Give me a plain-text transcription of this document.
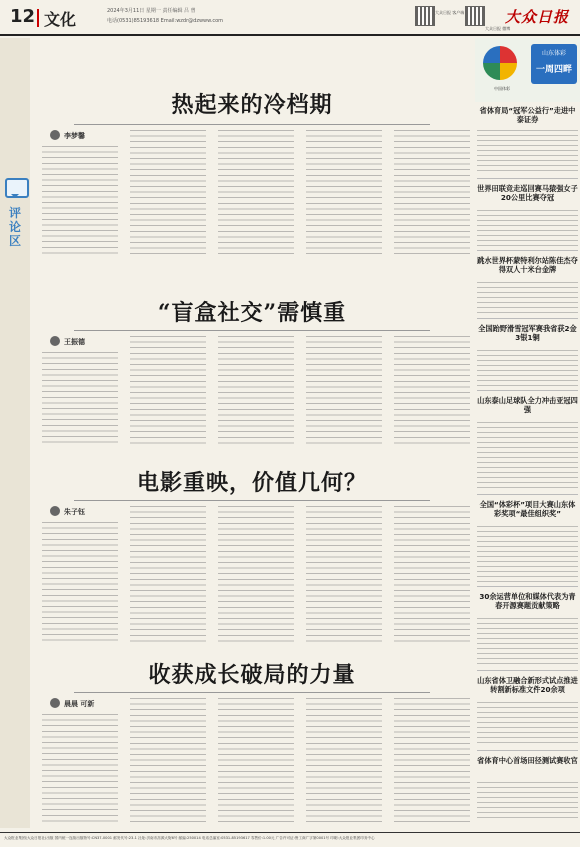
12 文化	2024年3月11日 星期一 责任编辑 吕 曾
电话(0531)85193618 Email:wzdr@dzwww.com
大众日报 客户端
大众日报 微博
大众日报
评论区
热起来的冷档期
李梦馨
“盲盒社交”需慎重
王振德
电影重映，价值几何？
朱子钰
收获成长破局的力量
晨晨 可新
中国体彩
山东体彩
一周四畔
省体育局“冠军公益行”走进中泰证券
世界田联竞走巡回赛马猿强女子20公里比赛夺冠
跳水世界杯蒙特利尔站陈佳杰夺得双人十米台金牌
全国跆野滑雪冠军赛我省获2金3银1铜
山东泰山足球队全力冲击亚冠四强
全国“体彩杯”项目大赛山东体彩奖项“最佳组织奖”
30余运营单位和媒体代表为青春开源赛题贡献策略
山东省体卫融合新形式试点推进转割新标准文件20余项
省体育中心首场田径测试赛收官
大众报业集团(大众日报社)出版 国内统一连续出版物号:CN37-0001 邮发代号:23-1 社址:济南市泺源大街6号 邮编:250014 电话总编室:0531-85193617 零售价:1.00元 广告许可证:鲁工商广字第0001号 印刷:大众报业集团印务中心
